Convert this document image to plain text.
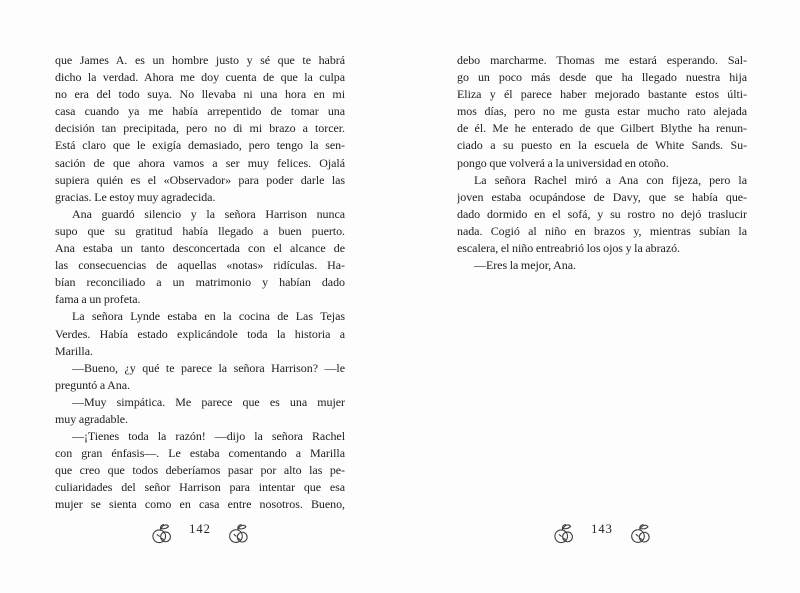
que James A. es un hombre justo y sé que te habrá
dicho la verdad. Ahora me doy cuenta de que la culpa
no era del todo suya. No llevaba ni una hora en mi
casa cuando ya me había arrepentido de tomar una
decisión tan precipitada, pero no di mi brazo a torcer.
Está claro que le exigía demasiado, pero tengo la sen-
sación de que ahora vamos a ser muy felices. Ojalá
supiera quién es el «Observador» para poder darle las
gracias. Le estoy muy agradecida.
Ana guardó silencio y la señora Harrison nunca
supo que su gratitud había llegado a buen puerto.
Ana estaba un tanto desconcertada con el alcance de
las consecuencias de aquellas «notas» ridículas. Ha-
bían reconciliado a un matrimonio y habían dado
fama a un profeta.
La señora Lynde estaba en la cocina de Las Tejas
Verdes. Había estado explicándole toda la historia a
Marilla.
—Bueno, ¿y qué te parece la señora Harrison? —le
preguntó a Ana.
—Muy simpática. Me parece que es una mujer
muy agradable.
—¡Tienes toda la razón! —dijo la señora Rachel
con gran énfasis—. Le estaba comentando a Marilla
que creo que todos deberíamos pasar por alto las pe-
culiaridades del señor Harrison para intentar que esa
mujer se sienta como en casa entre nosotros. Bueno,
142
debo marcharme. Thomas me estará esperando. Sal-
go un poco más desde que ha llegado nuestra hija
Eliza y él parece haber mejorado bastante estos últi-
mos días, pero no me gusta estar mucho rato alejada
de él. Me he enterado de que Gilbert Blythe ha renun-
ciado a su puesto en la escuela de White Sands. Su-
pongo que volverá a la universidad en otoño.
La señora Rachel miró a Ana con fijeza, pero la
joven estaba ocupándose de Davy, que se había que-
dado dormido en el sofá, y su rostro no dejó traslucir
nada. Cogió al niño en brazos y, mientras subían la
escalera, el niño entreabrió los ojos y la abrazó.
—Eres la mejor, Ana.
143
